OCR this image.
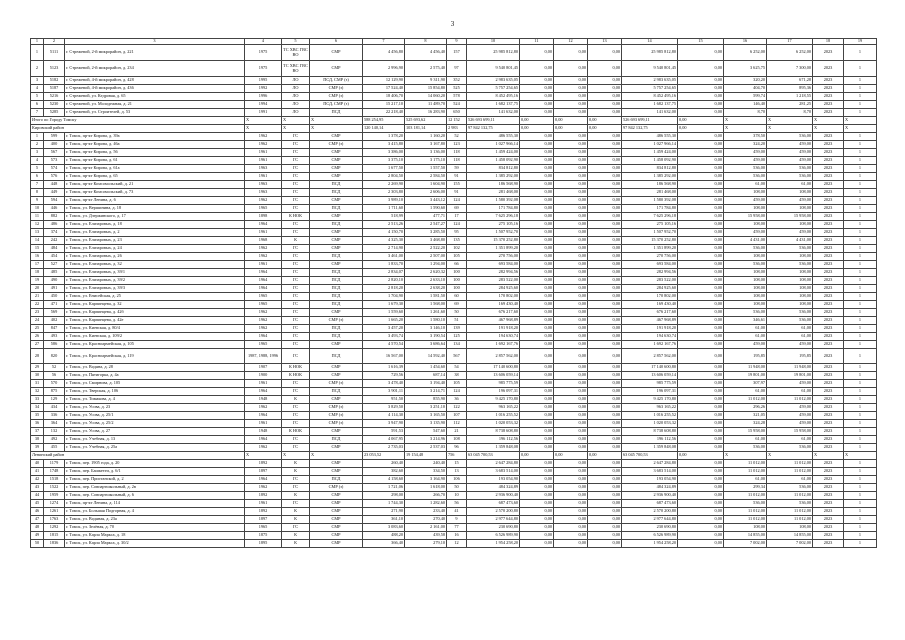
3
1	2	3	4	5	6	7	8	9	10	11	12	13	14	15	16	17	18	19
1	5111	г. Стрежевой, 2-й микрорайон, д. 221	1975	ТС ХВС ГВС ВО	СМР	4 456,80	4 456,40	157	25 985 812,80	0,00	0,00	0,00	25 985 812,80	0,00	6 252,00	6 252,00	2023	1
2	5123	г. Стрежевой, 2-й микрорайон, д. 234	1975	ТС ХВС ГВС ВО	СМР	2 996,90	2 575,40	97	9 540 801,45	0,00	0,00	0,00	9 540 801,45	0,00	3 625,75	7 300,00	2023	1
3	5182	г. Стрежевой, 4-й микрорайон, д. 428	1995	ЛО	ПСД, СМР (з)	12 129,90	9 311,90	352	2 983 635,05	0,00	0,00	0,00	2 983 635,05	0,00	320,20	671,28	2023	1
4	5187	г. Стрежевой, 4-й микрорайон, д. 436	1992	ЛО	СМР (з)	17 524,40	15 854,80	525	5 757 254,65	0,00	0,00	0,00	5 757 254,65	0,00	404,70	895,36	2023	1
5	5216	г. Стрежевой, ул. Кедровая, д. 65	1996	ЛО	СМР (з)	18 406,70	14 060,20	578	8 452 495,16	0,00	0,00	0,00	8 452 495,16	0,00	599,74	1 218,55	2023	1
6	5230	г. Стрежевой, ул. Молодежная, д. 21	1994	ЛО	ПСД, СМР (з)	15 217,10	11 489,70	524	1 682 137,75	0,00	0,00	0,00	1 682 137,75	0,00	146,40	281,25	2023	1
7	5285	г. Стрежевой, ул. Строителей, д. 53	1991	ЛО	ПСД	22 218,40	16 283,90	650	141 632,00	0,00	0,00	0,00	141 632,00	0,00	8,70	8,70	2023	1
Итого по Городу Томску			Х	Х	Х	588 254,95	525 693,62	12 152	526 693 699,11	0,00	0,00	0,00	526 693 699,11	0,00	Х	Х	Х	Х
Кировский район			Х	Х	Х	120 140,14	103 181,14	2 983	97 842 132,75	0,00	0,00	0,00	97 842 132,75	0,00	Х	Х	Х	Х
1	599	г. Томск, пр-кт Кирова, д. 39а	1962	ГС	СМР	1 378,20	1 160,20	52	486 555,30	0,00	0,00	0,00	486 555,30	0,00	378,50	536,00	2023	1
2	400	г. Томск, пр-кт Кирова, д. 46а	1962	ГС	СМР (з)	3 415,80	3 167,80	123	1 027 966,14	0,00	0,00	0,00	1 027 966,14	0,00	324,20	459,00	2023	1
3	567	г. Томск, пр-кт Кирова, д. 56	1961	ГС	СМР	3 386,00	3 136,00	118	1 459 424,00	0,00	0,00	0,00	1 459 424,00	0,00	459,00	459,00	2023	1
4	573	г. Томск, пр-кт Кирова, д. 61	1961	ГС	СМР	3 375,10	3 175,10	118	1 458 092,90	0,00	0,00	0,00	1 458 092,90	0,00	459,00	459,00	2023	1
5	574	г. Томск, пр-кт Кирова, д. 61а	1963	ГС	СМР	1 677,50	1 557,50	59	834 812,80	0,00	0,00	0,00	834 812,80	0,00	536,00	536,00	2023	1
6	576	г. Томск, пр-кт Кирова, д. 65	1961	ГС	СМР	2 804,50	2 584,50	91	1 385 292,00	0,00	0,00	0,00	1 385 292,00	0,00	536,00	536,00	2023	1
7	448	г. Томск, пр-кт Комсомольский, д. 21	1963	ГС	ПСД	2 269,90	1 604,90	155	186 568,90	0,00	0,00	0,00	186 568,90	0,00	61,00	61,00	2023	1
8	449	г. Томск, пр-кт Комсомольский, д. 73	1963	ГС	ПСД	2 303,80	2 606,00	91	281 468,00	0,00	0,00	0,00	281 468,00	0,00	108,00	108,00	2023	1
9	594	г. Томск, пр-кт Ленина, д. 6	1962	ГС	СМР	3 989,10	3 443,12	124	1 580 392,08	0,00	0,00	0,00	1 580 392,08	0,00	459,00	459,00	2023	1
10	446	г. Томск, ул. Вершинина, д. 18	1965	ГС	ПСД	1 711,60	1 590,60	69	171 784,80	0,00	0,00	0,00	171 784,80	0,00	108,00	108,00	2023	1
11	882	г. Томск, ул. Дзержинского, д. 17	1898	К НОК	СМР	518,99	477,71	17	7 625 296,18	0,00	0,00	0,00	7 625 296,18	0,00	15 958,00	15 958,00	2023	1
12	486	г. Томск, ул. Елизаровых, д. 18	1964	ГС	ПСД	2 513,26	2 547,27	124	275 105,16	0,00	0,00	0,00	275 105,16	0,00	108,00	108,00	2023	1
13	374	г. Томск, ул. Елизаровых, д. 2	1961	ГС	СМР	4 150,70	3 285,50	95	1 507 952,70	0,00	0,00	0,00	1 507 952,70	0,00	459,00	459,00	2023	1
14	242	г. Томск, ул. Елизаровых, д. 23	1968	К	СМР	4 325,30	3 468,80	135	15 370 252,80	0,00	0,00	0,00	15 370 252,80	0,00	4 431,00	4 431,00	2023	1
15	484	г. Томск, ул. Елизаровых, д. 24	1962	ГС	СМР	2 714,90	2 522,20	102	1 351 899,20	0,00	0,00	0,00	1 351 899,20	0,00	536,00	536,00	2023	1
16	454	г. Томск, ул. Елизаровых, д. 26	1962	ГС	ПСД	3 461,00	2 507,00	105	270 756,00	0,00	0,00	0,00	270 756,00	0,00	108,00	108,00	2023	1
17	527	г. Томск, ул. Елизаровых, д. 32	1961	ГС	СМР	1 833,70	1 294,00	66	693 584,00	0,00	0,00	0,00	693 584,00	0,00	536,00	536,00	2023	1
18	485	г. Томск, ул. Елизаровых, д. 39/1	1964	ГС	ПСД	2 834,07	2 620,32	100	282 994,56	0,00	0,00	0,00	282 994,56	0,00	108,00	108,00	2023	1
19	490	г. Томск, ул. Елизаровых, д. 39/2	1964	ГС	ПСД	2 820,10	2 633,10	100	283 522,00	0,00	0,00	0,00	283 522,00	0,00	108,00	108,00	2023	1
20	491	г. Томск, ул. Елизаровых, д. 39/3	1964	ГС	ПСД	2 818,20	2 638,20	100	284 925,60	0,00	0,00	0,00	284 925,60	0,00	108,00	108,00	2023	1
21	450	г. Томск, ул. Енисейская, д. 25	1965	ГС	ПСД	1 704,90	1 581,50	60	170 802,00	0,00	0,00	0,00	170 802,00	0,00	108,00	108,00	2023	1
22	471	г. Томск, ул. Карпинцева, д. 32	1965	ГС	ПСД	1 679,30	1 568,00	69	169 430,40	0,00	0,00	0,00	169 430,40	0,00	108,00	108,00	2023	1
23	569	г. Томск, ул. Карпинцева, д. 42б	1962	ГС	СМР	1 559,60	1 261,60	50	676 217,60	0,00	0,00	0,00	676 217,60	0,00	536,00	536,00	2023	1
24	402	г. Томск, ул. Карпинцева, д. 42е	1962	ГС	СМР (з)	1 665,20	1 580,10	51	467 968,89	0,00	0,00	0,00	467 968,89	0,00	346,61	536,00	2023	1
25	847	г. Томск, ул. Киевская, д. 80/4	1962	ГС	ПСД	3 457,20	3 146,10	139	191 918,20	0,00	0,00	0,00	191 918,20	0,00	61,00	61,00	2023	1
26	493	г. Томск, ул. Киевская, д. 109/2	1964	ГС	ПСД	3 493,74	3 190,54	125	194 630,74	0,00	0,00	0,00	194 630,74	0,00	61,00	61,00	2023	1
27	586	г. Томск, ул. Красноармейская, д. 105	1965	ГС	СМР	4 570,54	3 686,64	134	1 692 167,76	0,00	0,00	0,00	1 692 167,76	0,00	459,00	459,00	2023	1
28	820	г. Томск, ул. Красноармейская, д. 119	1987, 1988, 1996	ГС	ПСД	16 567,00	14 592,40	567	2 857 562,00	0,00	0,00	0,00	2 857 562,00	0,00	195,85	195,85	2023	1
29	52	г. Томск, ул. Водяна, д. 28	1907	К НОК	СМР	1 616,39	1 454,60	54	17 140 600,80	0,00	0,00	0,00	17 140 600,80	0,00	11 948,00	11 948,00	2023	1
30	56	г. Томск, ул. Пятигорка, д. 4а	1900	К НОК	СМР	729,56	687,14	38	13 606 059,14	0,00	0,00	0,00	13 606 059,14	0,00	19 801,00	19 801,00	2023	1
31	570	г. Томск, ул. Смирнова, д. 105	1961	ГС	СМР (з)	3 478,40	3 194,40	105	985 775,59	0,00	0,00	0,00	985 775,59	0,00	307,97	459,00	2023	1
32	875	г. Томск, ул. Тверская, д. 106	1964	ГС	ПСД	3 901,11	3 214,71	124	196 097,31	0,00	0,00	0,00	196 097,31	0,00	61,00	61,00	2023	1
33	129	г. Томск, ул. Тимакова, д. 4	1948	К	СМР	951,50	855,90	36	9 425 170,80	0,00	0,00	0,00	9 425 170,80	0,00	11 012,00	11 012,00	2023	1
34	434	г. Томск, ул. Усова, д. 23	1962	ГС	СМР (з)	3 829,50	3 251,10	122	963 165,22	0,00	0,00	0,00	963 165,22	0,00	296,26	459,00	2023	1
35	336	г. Томск, ул. Усова, д. 25/1	1964	ГС	СМР (з)	4 114,30	3 165,50	107	1 016 255,52	0,00	0,00	0,00	1 016 255,52	0,00	321,05	459,00	2023	1
36	364	г. Томск, ул. Усова, д. 25/2	1961	ГС	СМР (з)	3 947,90	3 135,90	112	1 020 053,32	0,00	0,00	0,00	1 020 053,32	0,00	324,28	459,00	2023	1
37	132	г. Томск, ул. Усова, д. 27	1948	К НОК	СМР	591,53	547,60	21	8 738 608,80	0,00	0,00	0,00	8 738 608,80	0,00	15 958,00	15 958,00	2023	1
38	492	г. Томск, ул. Учебная, д. 13	1964	ГС	ПСД	4 067,95	3 214,96	108	196 112,56	0,00	0,00	0,00	196 112,56	0,00	61,00	61,00	2023	1
39	455	г. Томск, ул. Учебная, д. 25а	1962	ГС	СМР	2 735,03	2 537,03	96	1 359 848,08	0,00	0,00	0,00	1 359 848,08	0,00	536,00	536,00	2023	1
Ленинский район			Х	Х	Х	23 053,52	19 154,48	756	63 045 700,53	0,00	0,00	0,00	63 045 700,53	0,00	Х	Х	Х	Х
40	1179	г. Томск, пер. 1905 года, д. 20	1892	К	СМР	260,40	240,40	15	2 647 284,80	0,00	0,00	0,00	2 647 284,80	0,00	11 012,00	11 012,00	2023	1
41	1748	г. Томск, пер. Башкеєти, д. 6/1	1897	К	СМР	382,60	334,50	13	3 683 514,00	0,00	0,00	0,00	3 683 514,00	0,00	11 012,00	11 012,00	2023	1
42	1518	г. Томск, пер. Пристанской, д. 2	1964	ГС	ПСД	4 158,60	3 164,90	106	193 054,90	0,00	0,00	0,00	193 054,90	0,00	61,00	61,00	2023	1
43	1522	г. Томск, пер. Совпартшкольный, д. 2в	1962	ГС	СМР (з)	1 721,06	1 618,00	50	484 324,89	0,00	0,00	0,00	484 324,89	0,00	299,34	536,00	2023	1
44	1959	г. Томск, пер. Совпартшкольный, д. 6	1892	К	СМР	298,00	266,70	10	2 936 900,40	0,00	0,00	0,00	2 936 900,40	0,00	11 012,00	11 012,00	2023	1
45	1274	г. Томск, пр-кт Ленина, д. 114	1961	ГС	СМР	1 744,30	1 282,60	56	687 473,60	0,00	0,00	0,00	687 473,60	0,00	536,00	536,00	2023	1
46	1261	г. Томск, ул. Большая Подгорная, д. 4	1892	К	СМР	271,90	233,40	41	2 570 200,80	0,00	0,00	0,00	2 570 200,80	0,00	11 012,00	11 012,00	2023	1
47	1763	г. Томск, ул. Водяная, д. 23а	1897	К	СМР	361,10	270,40	9	2 977 644,80	0,00	0,00	0,00	2 977 644,80	0,00	11 012,00	11 012,00	2023	1
48	1292	г. Томск, ул. Зелёная, д. 70	1965	ГС	СМР	3 083,60	2 161,00	77	230 690,80	0,00	0,00	0,00	230 690,80	0,00	108,00	108,00	2023	1
49	1815	г. Томск, ул. Карла Маркса, д. 18	1875	К	СМР	488,20	439,58	16	6 526 989,90	0,00	0,00	0,00	6 526 989,90	0,00	14 855,00	14 855,00	2023	1
50	1836	г. Томск, ул. Карла Маркса, д. 30/2	1895	К	СМР	366,40	279,10	12	1 954 258,20	0,00	0,00	0,00	1 954 258,20	0,00	7 002,00	7 002,00	2023	1
